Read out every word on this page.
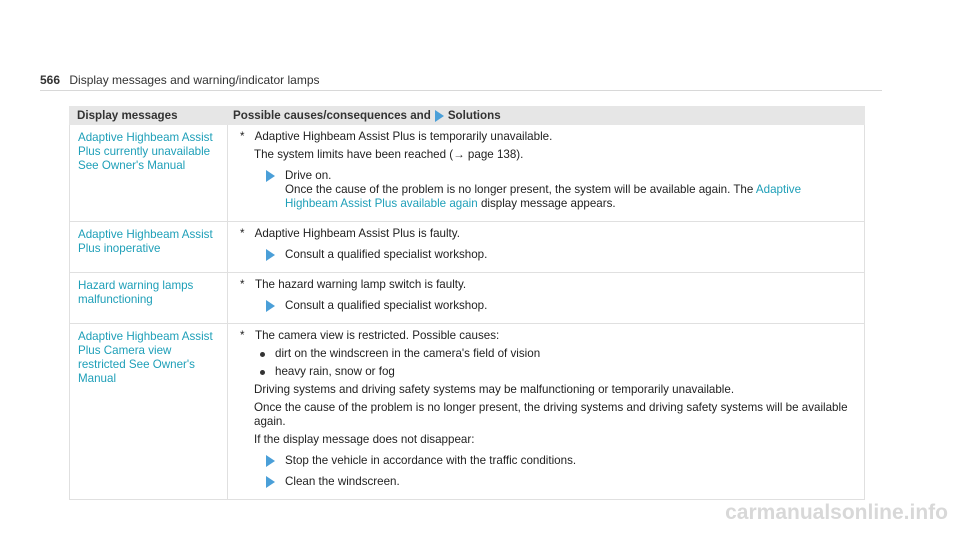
566 Display messages and warning/indicator lamps
Display messages	Possible causes/consequences and Solutions
Adaptive Highbeam Assist Plus currently unavailable See Owner's Manual
* Adaptive Highbeam Assist Plus is temporarily unavailable.
The system limits have been reached (→ page 138).
Drive on.
Once the cause of the problem is no longer present, the system will be available again. The Adaptive Highbeam Assist Plus available again display message appears.
Adaptive Highbeam Assist Plus inoperative
* Adaptive Highbeam Assist Plus is faulty.
Consult a qualified specialist workshop.
Hazard warning lamps malfunctioning
* The hazard warning lamp switch is faulty.
Consult a qualified specialist workshop.
Adaptive Highbeam Assist Plus Camera view restricted See Owner's Manual
* The camera view is restricted. Possible causes:
dirt on the windscreen in the camera's field of vision
heavy rain, snow or fog
Driving systems and driving safety systems may be malfunctioning or temporarily unavailable.
Once the cause of the problem is no longer present, the driving systems and driving safety systems will be available again.
If the display message does not disappear:
Stop the vehicle in accordance with the traffic conditions.
Clean the windscreen.
carmanualsonline.info
